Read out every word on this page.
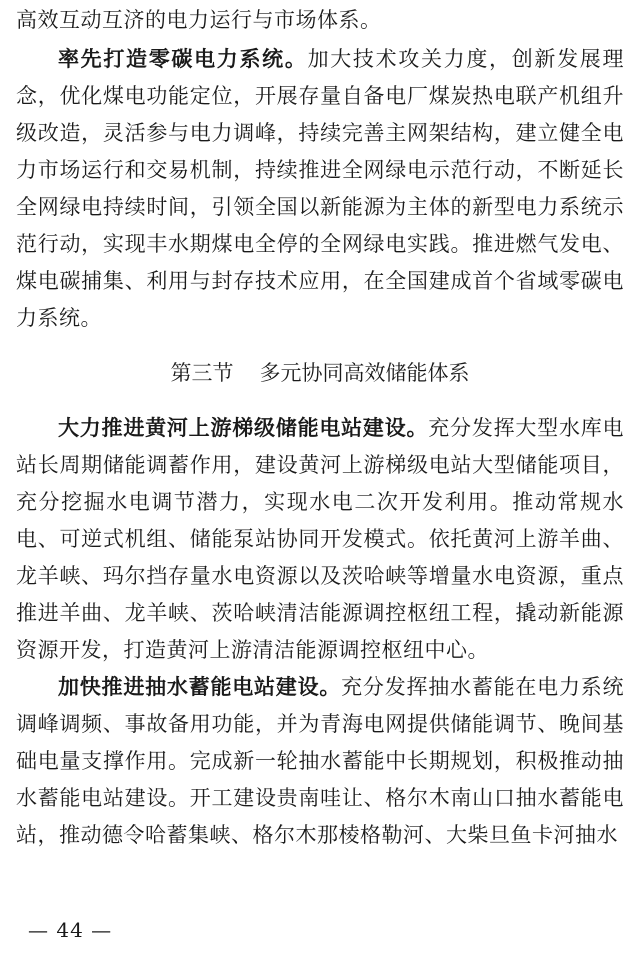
高效互动互济的电力运行与市场体系。

率先打造零碳电力系统。加大技术攻关力度，创新发展理念，优化煤电功能定位，开展存量自备电厂煤炭热电联产机组升级改造，灵活参与电力调峰，持续完善主网架结构，建立健全电力市场运行和交易机制，持续推进全网绿电示范行动，不断延长全网绿电持续时间，引领全国以新能源为主体的新型电力系统示范行动，实现丰水期煤电全停的全网绿电实践。推进燃气发电、煤电碳捕集、利用与封存技术应用，在全国建成首个省域零碳电力系统。

第三节 多元协同高效储能体系

大力推进黄河上游梯级储能电站建设。充分发挥大型水库电站长周期储能调蓄作用，建设黄河上游梯级电站大型储能项目，充分挖掘水电调节潜力，实现水电二次开发利用。推动常规水电、可逆式机组、储能泵站协同开发模式。依托黄河上游羊曲、龙羊峡、玛尔挡存量水电资源以及茨哈峡等增量水电资源，重点推进羊曲、龙羊峡、茨哈峡清洁能源调控枢纽工程，撬动新能源资源开发，打造黄河上游清洁能源调控枢纽中心。

加快推进抽水蓄能电站建设。充分发挥抽水蓄能在电力系统调峰调频、事故备用功能，并为青海电网提供储能调节、晚间基础电量支撑作用。完成新一轮抽水蓄能中长期规划，积极推动抽水蓄能电站建设。开工建设贵南哇让、格尔木南山口抽水蓄能电站，推动德令哈蓄集峡、格尔木那棱格勒河、大柴旦鱼卡河抽水

— 44 —
